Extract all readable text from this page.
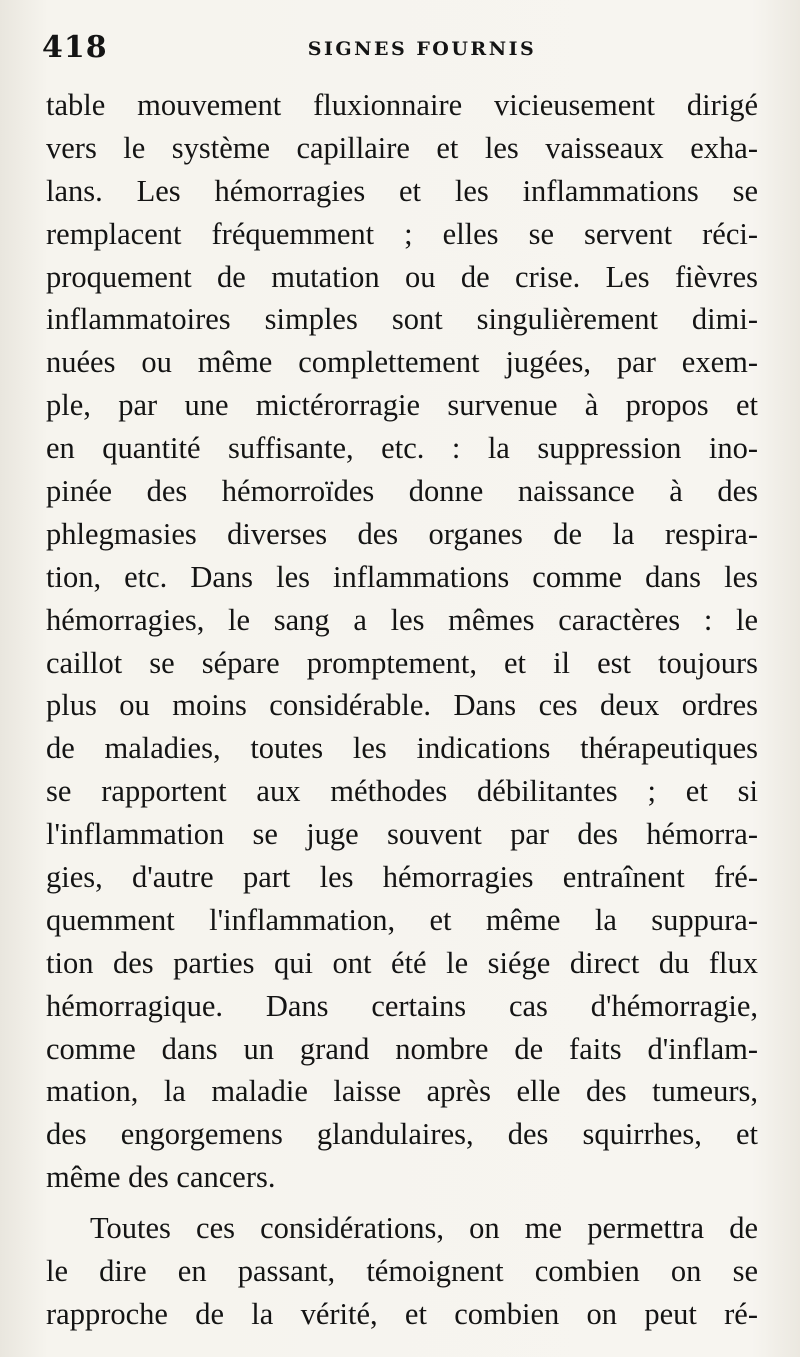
418	SIGNES FOURNIS
table mouvement fluxionnaire vicieusement dirigé
vers le système capillaire et les vaisseaux exha-
lans. Les hémorragies et les inflammations se
remplacent fréquemment ; elles se servent réci-
proquement de mutation ou de crise. Les fièvres
inflammatoires simples sont singulièrement dimi-
nuées ou même complettement jugées, par exem-
ple, par une mictérorragie survenue à propos et
en quantité suffisante, etc. : la suppression ino-
pinée des hémorroïdes donne naissance à des
phlegmasies diverses des organes de la respira-
tion, etc. Dans les inflammations comme dans les
hémorragies, le sang a les mêmes caractères : le
caillot se sépare promptement, et il est toujours
plus ou moins considérable. Dans ces deux ordres
de maladies, toutes les indications thérapeutiques
se rapportent aux méthodes débilitantes ; et si
l'inflammation se juge souvent par des hémorra-
gies, d'autre part les hémorragies entraînent fré-
quemment l'inflammation, et même la suppura-
tion des parties qui ont été le siége direct du flux
hémorragique. Dans certains cas d'hémorragie,
comme dans un grand nombre de faits d'inflam-
mation, la maladie laisse après elle des tumeurs,
des engorgemens glandulaires, des squirrhes, et
même des cancers.
Toutes ces considérations, on me permettra de
le dire en passant, témoignent combien on se
rapproche de la vérité, et combien on peut ré-
